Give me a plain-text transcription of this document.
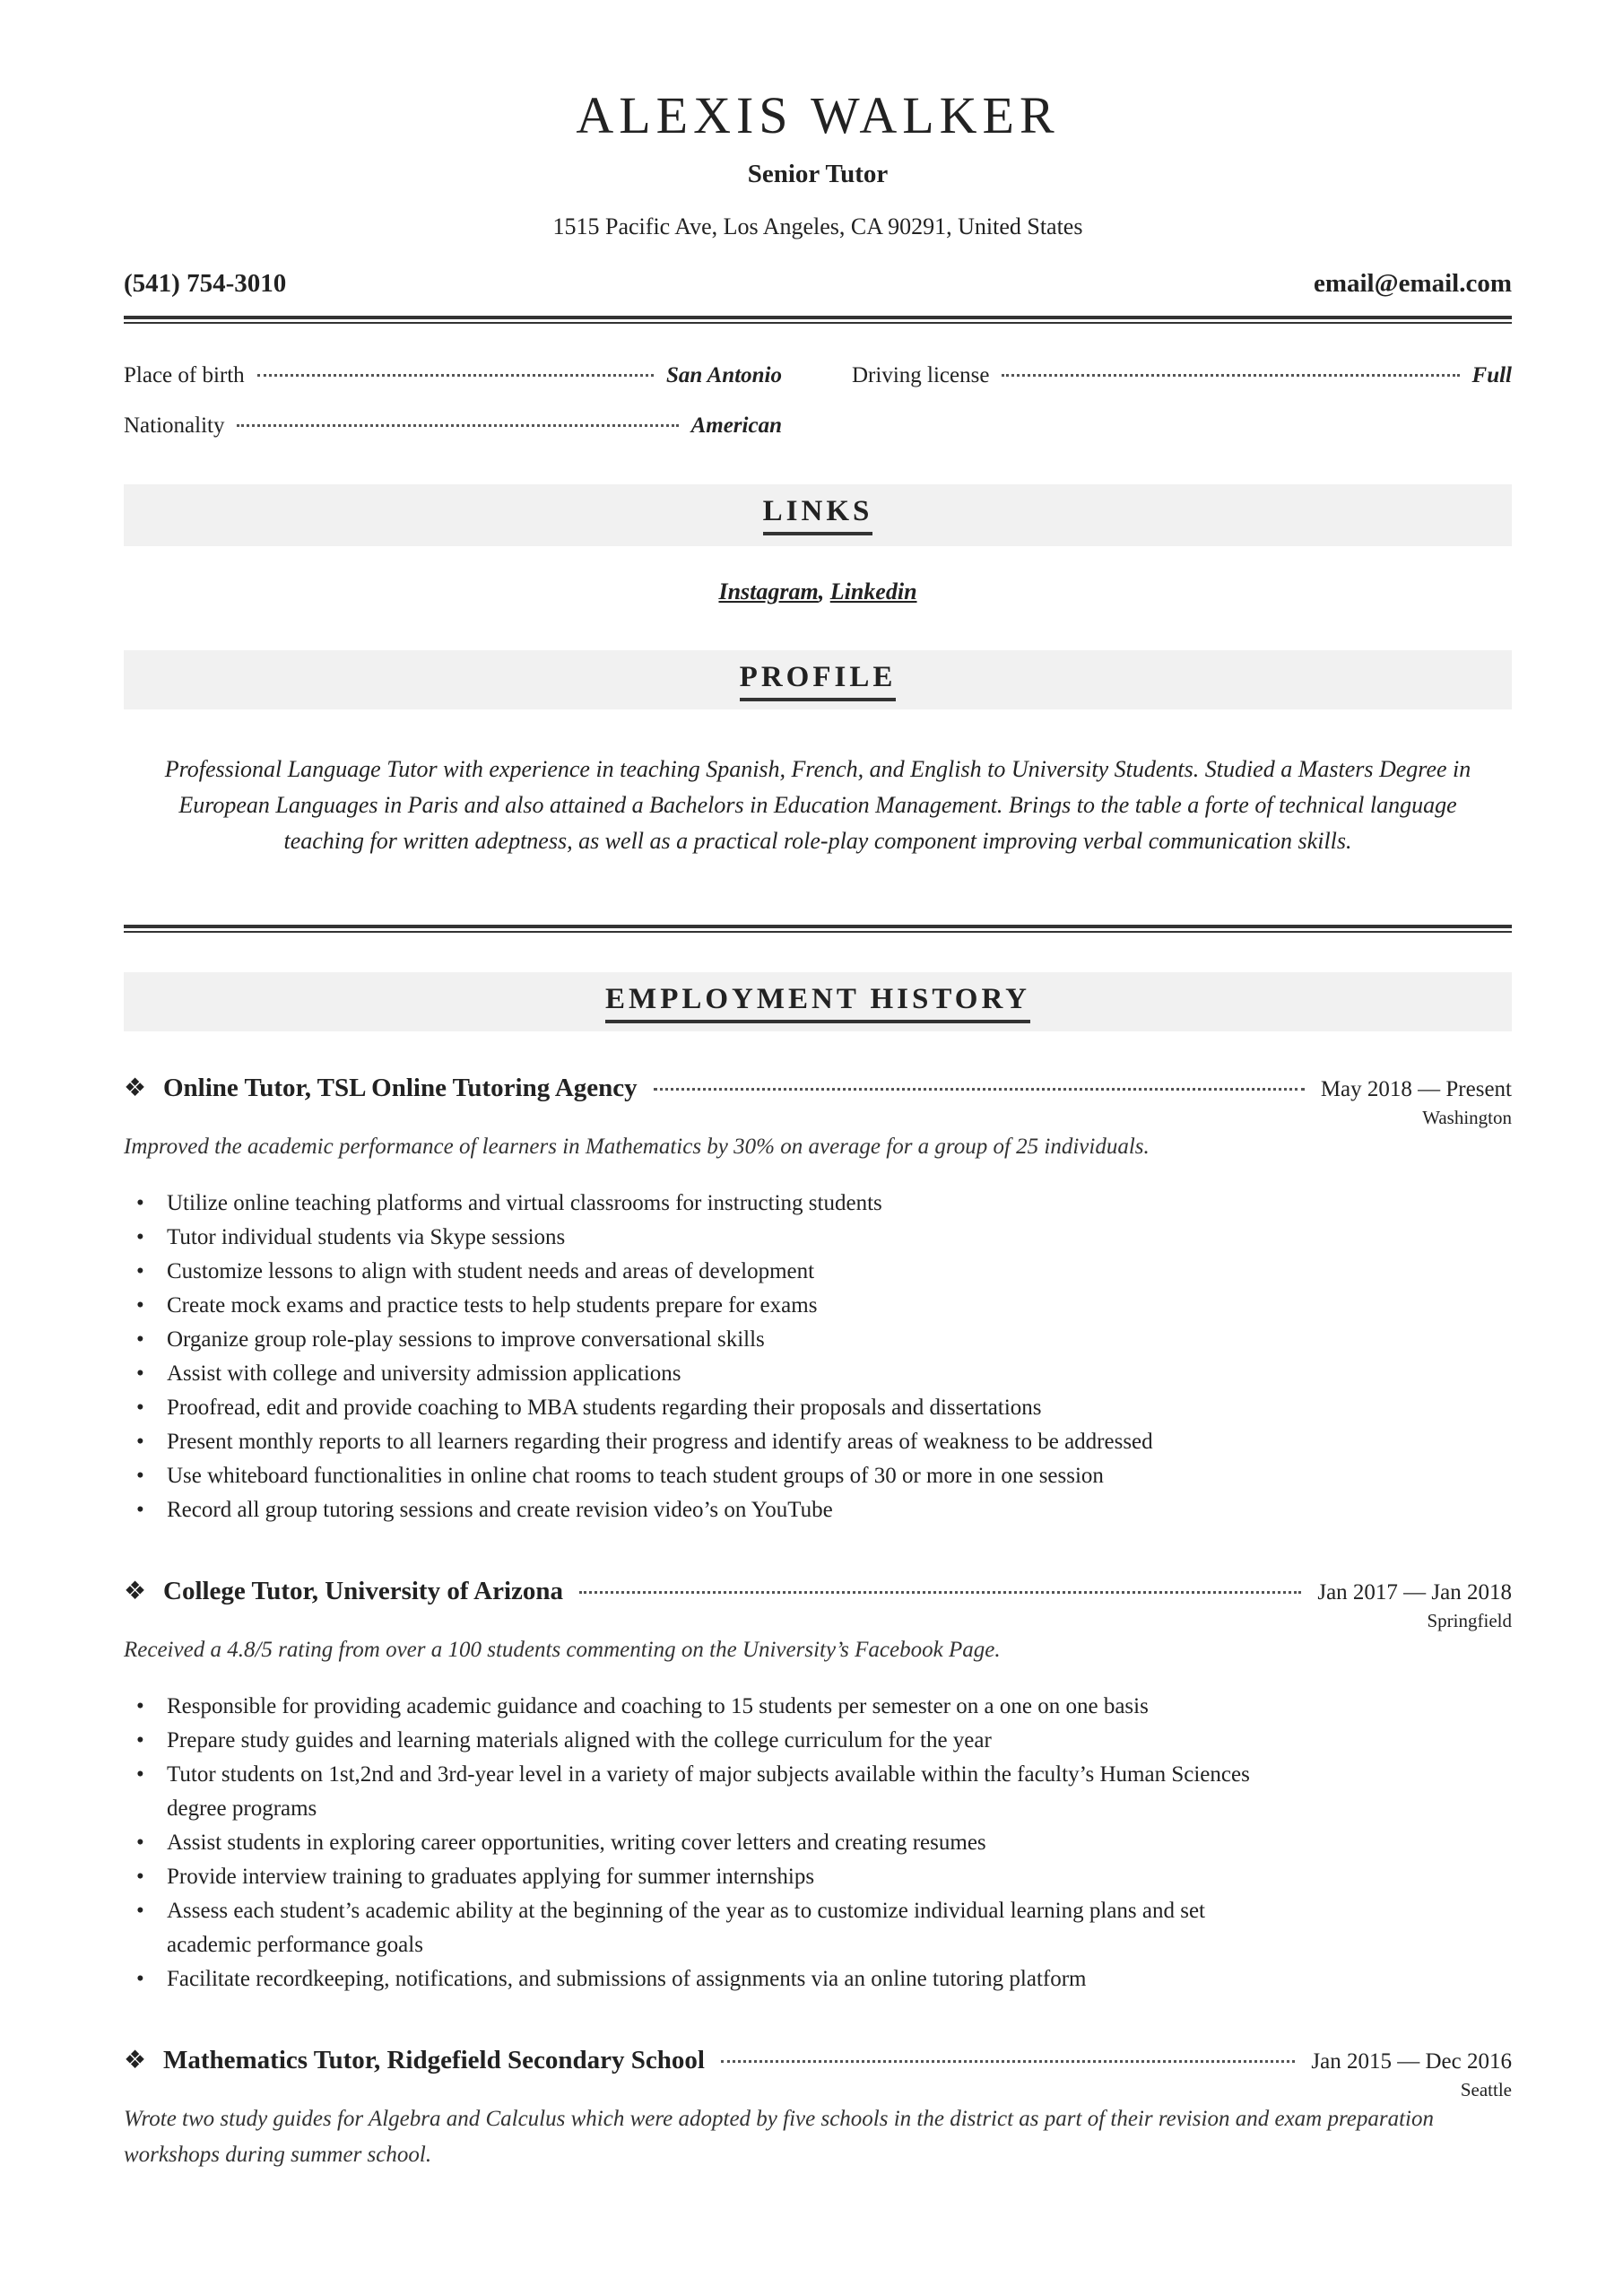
ALEXIS WALKER
Senior Tutor
1515 Pacific Ave, Los Angeles, CA 90291, United States
(541) 754-3010	email@email.com
Place of birth	San Antonio	Driving license	Full
Nationality	American
LINKS
Instagram, Linkedin
PROFILE
Professional Language Tutor with experience in teaching Spanish, French, and English to University Students. Studied a Masters Degree in European Languages in Paris and also attained a Bachelors in Education Management. Brings to the table a forte of technical language teaching for written adeptness, as well as a practical role-play component improving verbal communication skills.
EMPLOYMENT HISTORY
❖ Online Tutor, TSL Online Tutoring Agency	May 2018 — Present
Washington
Improved the academic performance of learners in Mathematics by 30% on average for a group of 25 individuals.
• Utilize online teaching platforms and virtual classrooms for instructing students
• Tutor individual students via Skype sessions
• Customize lessons to align with student needs and areas of development
• Create mock exams and practice tests to help students prepare for exams
• Organize group role-play sessions to improve conversational skills
• Assist with college and university admission applications
• Proofread, edit and provide coaching to MBA students regarding their proposals and dissertations
• Present monthly reports to all learners regarding their progress and identify areas of weakness to be addressed
• Use whiteboard functionalities in online chat rooms to teach student groups of 30 or more in one session
• Record all group tutoring sessions and create revision video’s on YouTube
❖ College Tutor, University of Arizona	Jan 2017 — Jan 2018
Springfield
Received a 4.8/5 rating from over a 100 students commenting on the University’s Facebook Page.
• Responsible for providing academic guidance and coaching to 15 students per semester on a one on one basis
• Prepare study guides and learning materials aligned with the college curriculum for the year
• Tutor students on 1st,2nd and 3rd-year level in a variety of major subjects available within the faculty’s Human Sciences degree programs
• Assist students in exploring career opportunities, writing cover letters and creating resumes
• Provide interview training to graduates applying for summer internships
• Assess each student’s academic ability at the beginning of the year as to customize individual learning plans and set academic performance goals
• Facilitate recordkeeping, notifications, and submissions of assignments via an online tutoring platform
❖ Mathematics Tutor, Ridgefield Secondary School	Jan 2015 — Dec 2016
Seattle
Wrote two study guides for Algebra and Calculus which were adopted by five schools in the district as part of their revision and exam preparation workshops during summer school.
